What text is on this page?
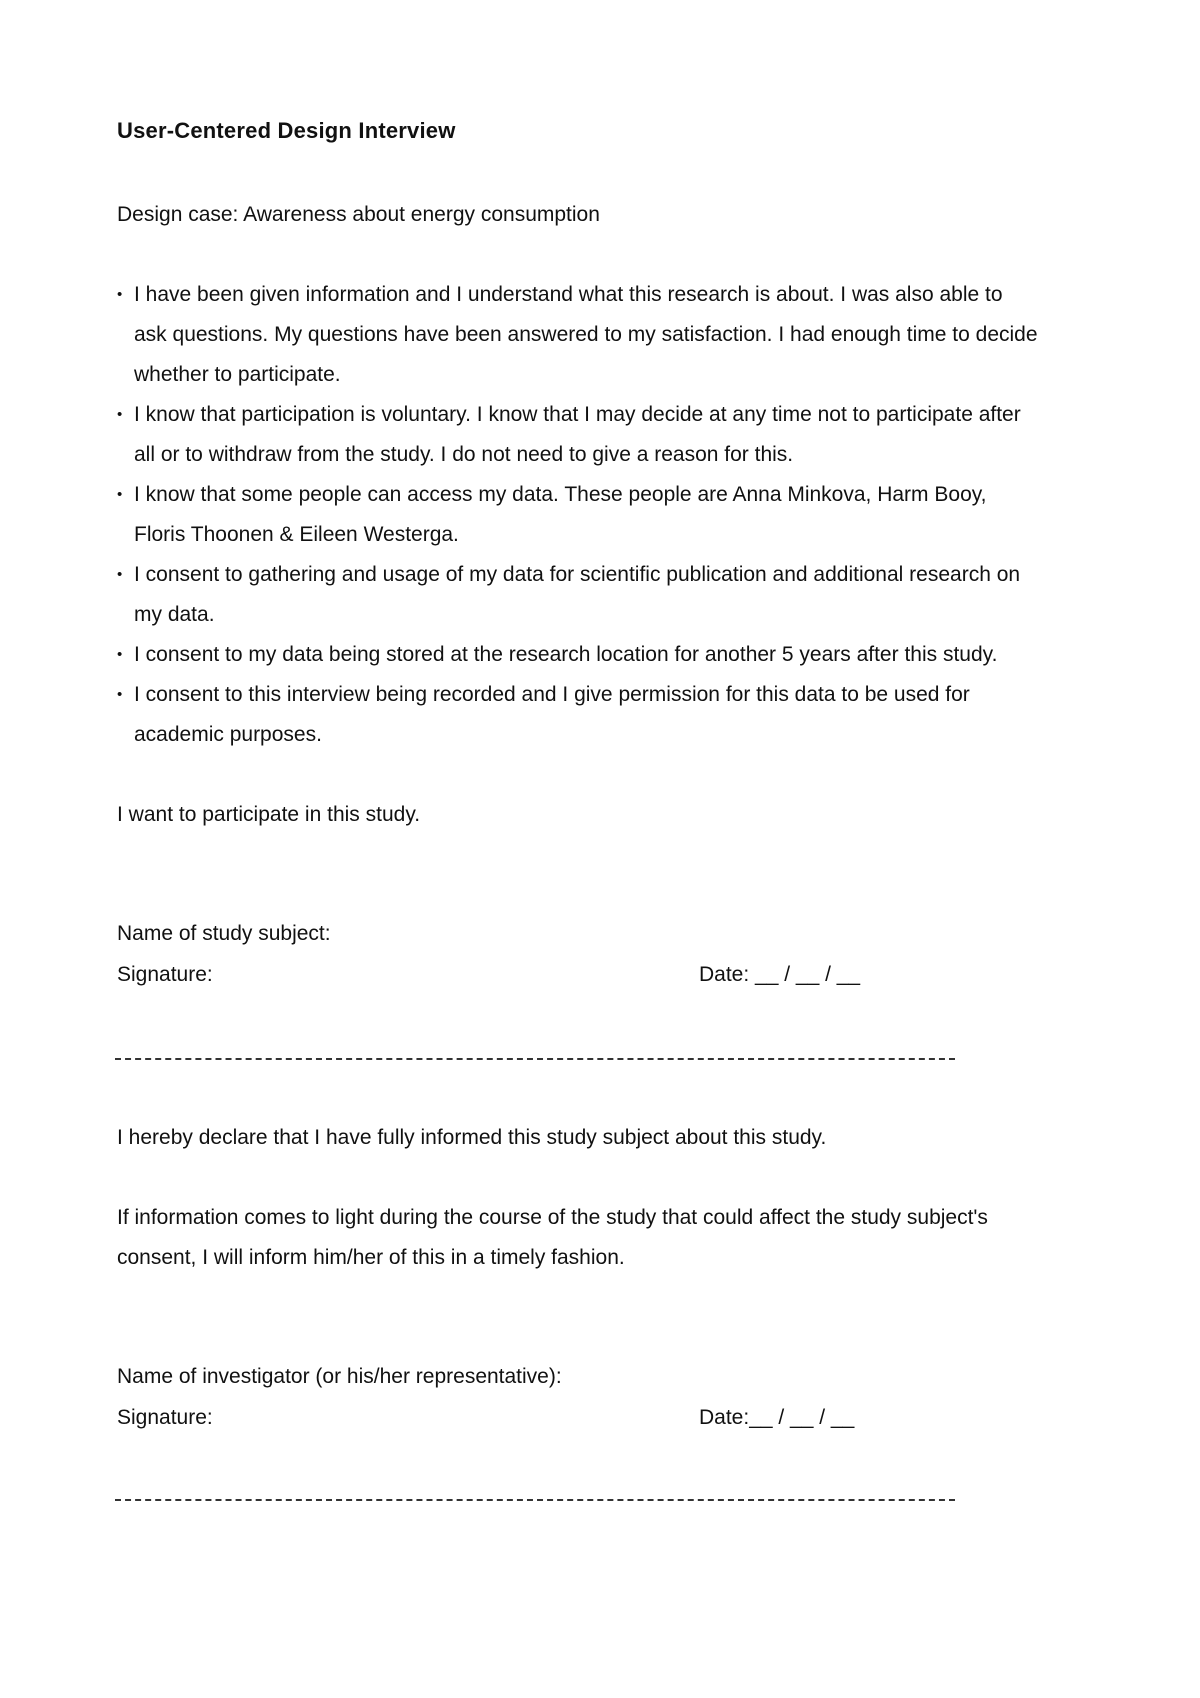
User-Centered Design Interview
Design case: Awareness about energy consumption
• I have been given information and I understand what this research is about. I was also able to
ask questions. My questions have been answered to my satisfaction. I had enough time to decide
whether to participate.
• I know that participation is voluntary. I know that I may decide at any time not to participate after
all or to withdraw from the study. I do not need to give a reason for this.
• I know that some people can access my data. These people are Anna Minkova, Harm Booy,
Floris Thoonen & Eileen Westerga.
• I consent to gathering and usage of my data for scientific publication and additional research on
my data.
• I consent to my data being stored at the research location for another 5 years after this study.
• I consent to this interview being recorded and I give permission for this data to be used for
academic purposes.
I want to participate in this study.
Name of study subject:
Signature:	Date: __ / __ / __
I hereby declare that I have fully informed this study subject about this study.
If information comes to light during the course of the study that could affect the study subject's
consent, I will inform him/her of this in a timely fashion.
Name of investigator (or his/her representative):
Signature:	Date:__ / __ / __
